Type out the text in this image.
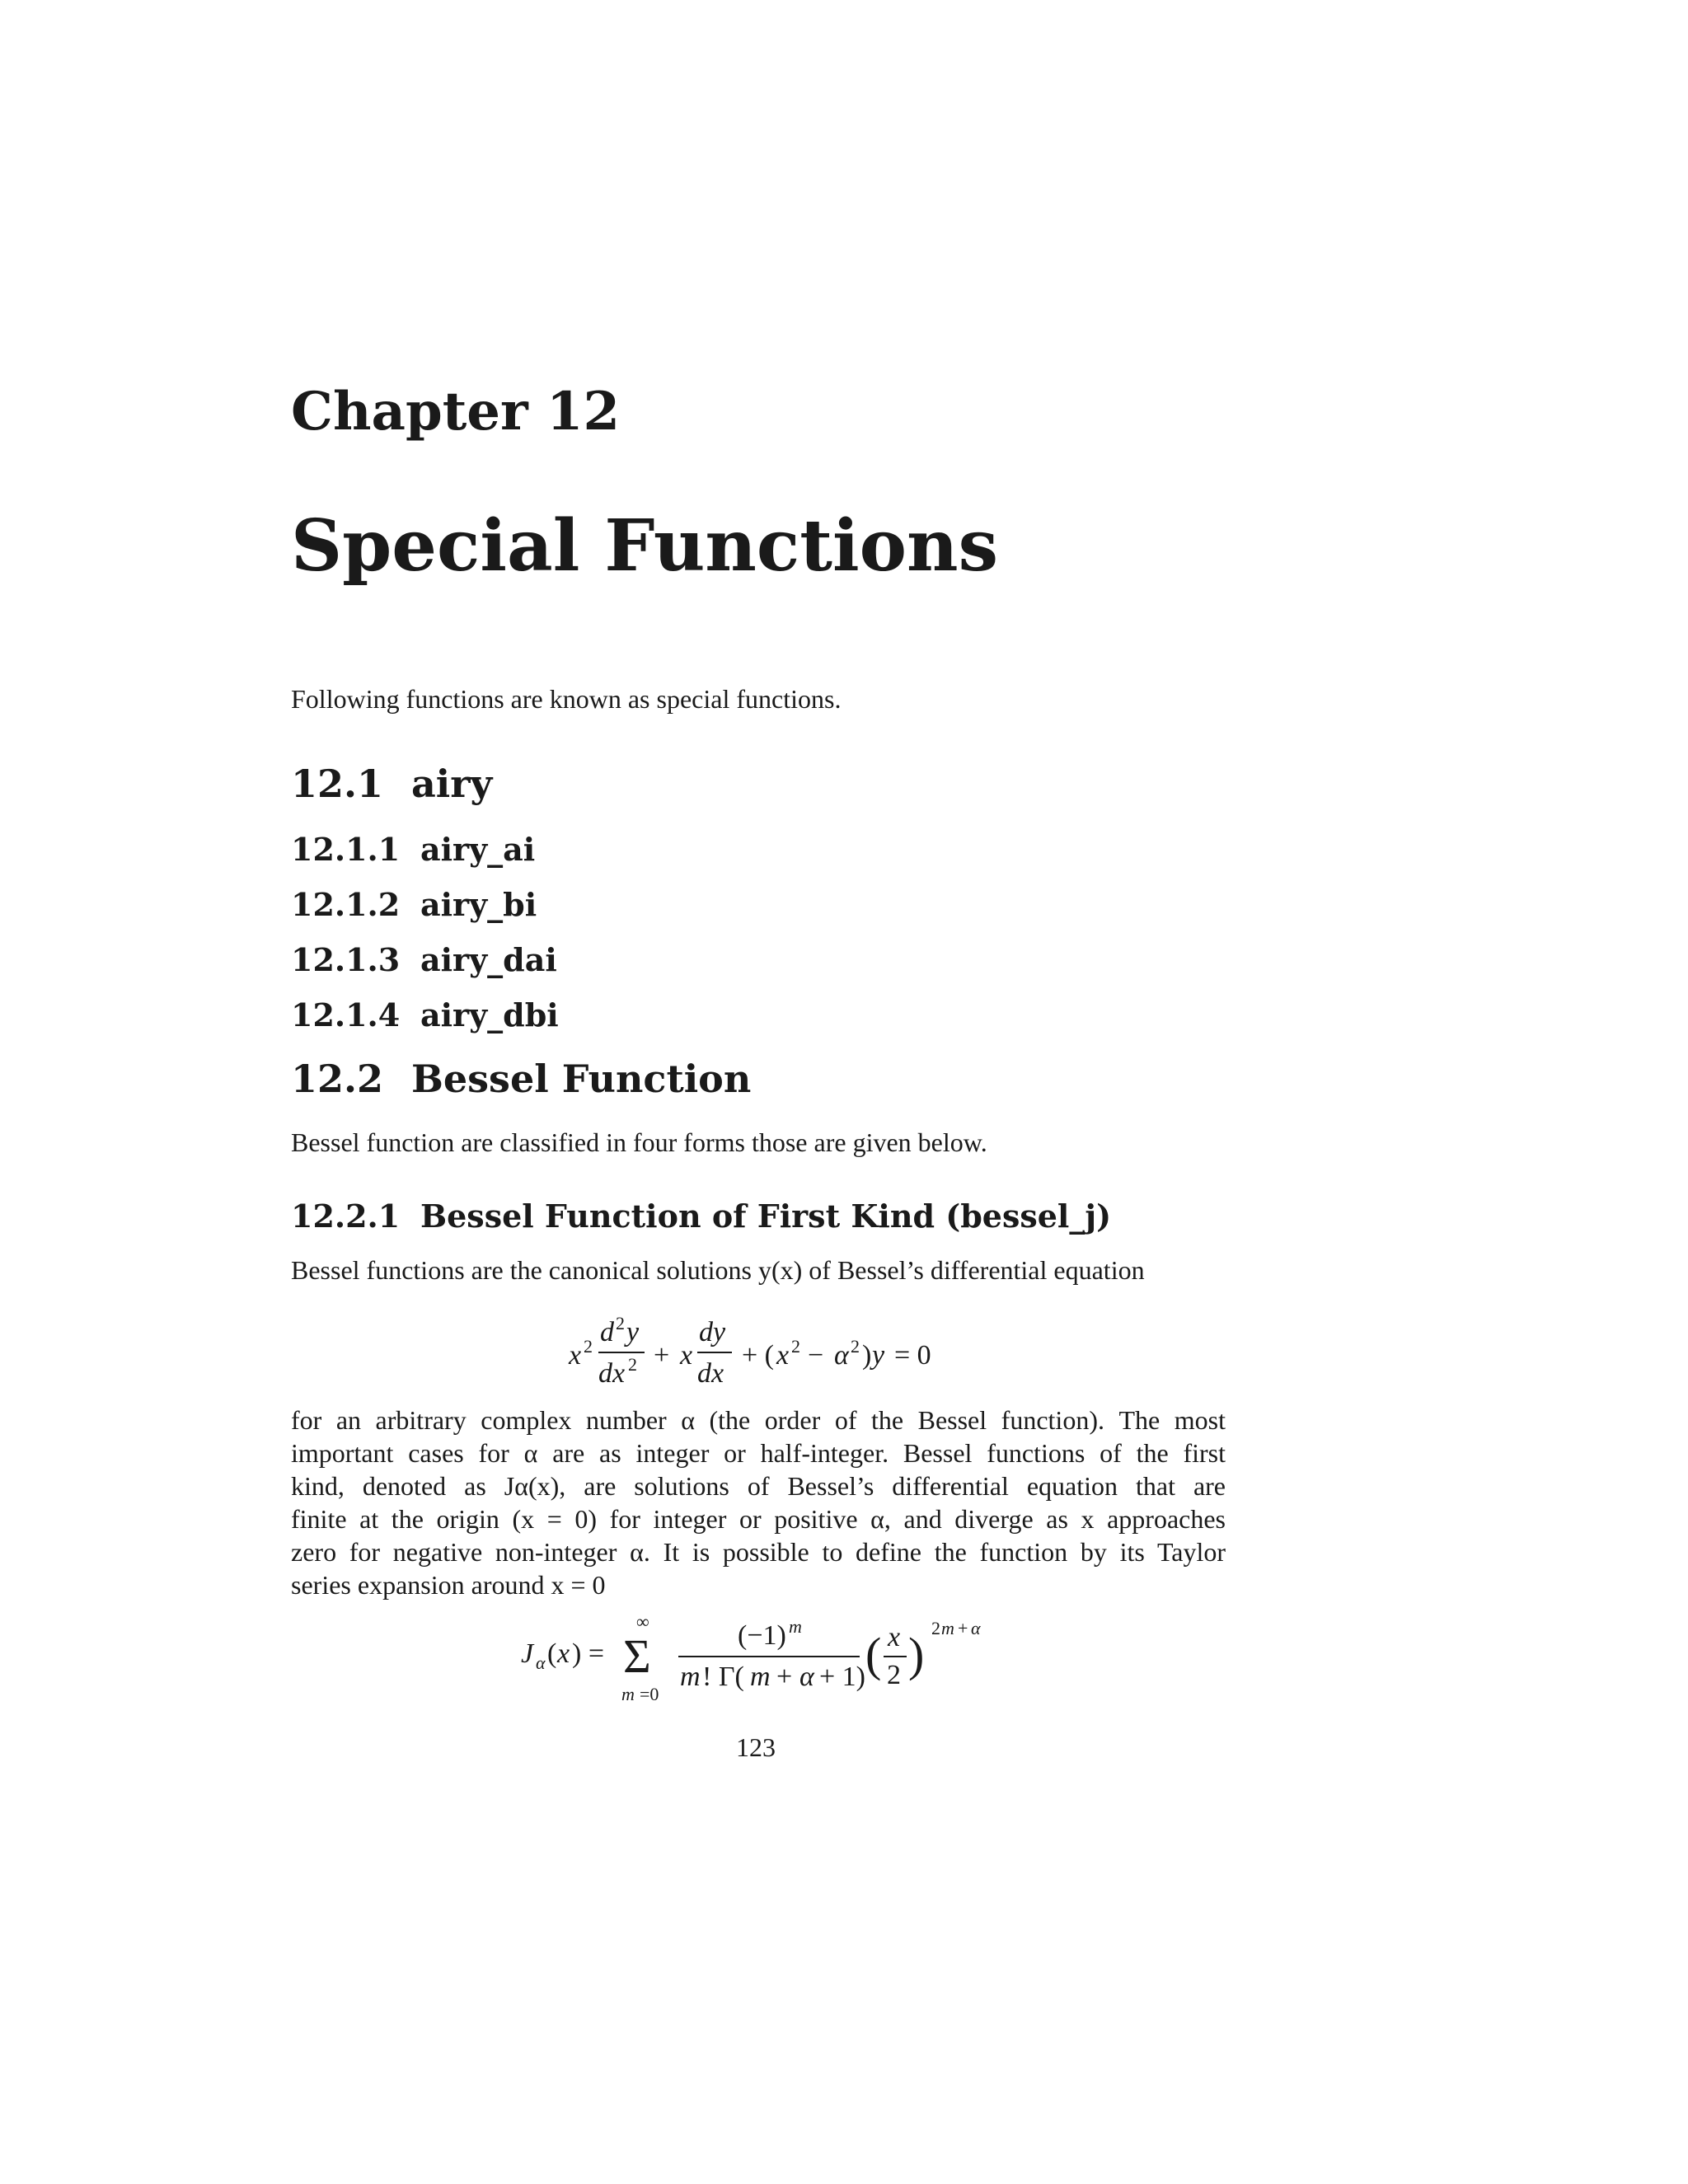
Chapter 12
Special Functions
Following functions are known as special functions.
12.1 airy
12.1.1 airy_ai
12.1.2 airy_bi
12.1.3 airy_dai
12.1.4 airy_dbi
12.2 Bessel Function
Bessel function are classified in four forms those are given below.
12.2.1 Bessel Function of First Kind (bessel_j)
Bessel functions are the canonical solutions y(x) of Bessel’s differential equation
x 2 d 2 y
dx 2 + x
dy
dx
+ ( x 2 − α 2 ) y = 0
for an arbitrary complex number α (the order of the Bessel function). The most
important cases for α are as integer or half-integer. Bessel functions of the first
kind, denoted as Jα(x), are solutions of Bessel’s differential equation that are
finite at the origin (x = 0) for integer or positive α, and diverge as x approaches
zero for negative non-integer α. It is possible to define the function by its Taylor
series expansion around x = 0
J α ( x ) =
∞
Σ
m =0
(−1) m
m ! Γ( m + α + 1) ( x
2 ) 2 m + α
123
